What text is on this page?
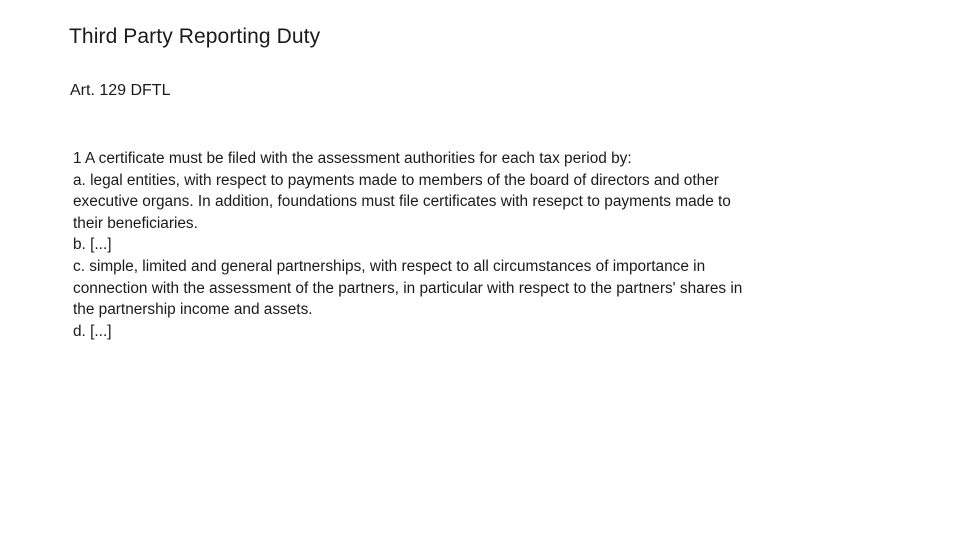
Third Party Reporting Duty
Art. 129 DFTL
1 A certificate must be filed with the assessment authorities for each tax period by:
a. legal entities, with respect to payments made to members of the board of directors and other
executive organs. In addition, foundations must file certificates with resepct to payments made to
their beneficiaries.
b. [...]
c. simple, limited and general partnerships, with respect to all circumstances of importance in
connection with the assessment of the partners, in particular with respect to the partners' shares in
the partnership income and assets.
d. [...]
